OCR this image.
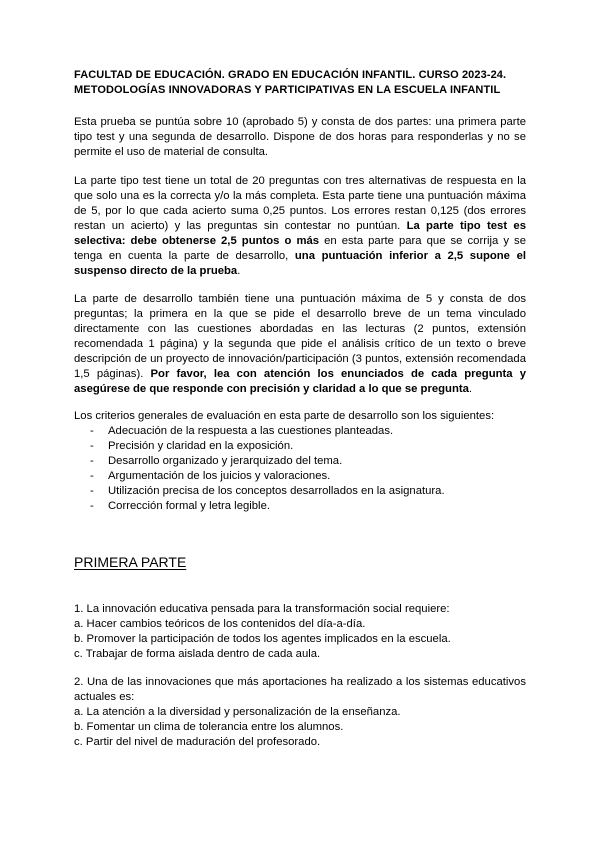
FACULTAD DE EDUCACIÓN. GRADO EN EDUCACIÓN INFANTIL. CURSO 2023-24.
METODOLOGÍAS INNOVADORAS Y PARTICIPATIVAS EN LA ESCUELA INFANTIL

Esta prueba se puntúa sobre 10 (aprobado 5) y consta de dos partes: una primera parte tipo test y una segunda de desarrollo. Dispone de dos horas para responderlas y no se permite el uso de material de consulta.

La parte tipo test tiene un total de 20 preguntas con tres alternativas de respuesta en la que solo una es la correcta y/o la más completa. Esta parte tiene una puntuación máxima de 5, por lo que cada acierto suma 0,25 puntos. Los errores restan 0,125 (dos errores restan un acierto) y las preguntas sin contestar no puntúan. La parte tipo test es selectiva: debe obtenerse 2,5 puntos o más en esta parte para que se corrija y se tenga en cuenta la parte de desarrollo, una puntuación inferior a 2,5 supone el suspenso directo de la prueba.

La parte de desarrollo también tiene una puntuación máxima de 5 y consta de dos preguntas; la primera en la que se pide el desarrollo breve de un tema vinculado directamente con las cuestiones abordadas en las lecturas (2 puntos, extensión recomendada 1 página) y la segunda que pide el análisis crítico de un texto o breve descripción de un proyecto de innovación/participación (3 puntos, extensión recomendada 1,5 páginas). Por favor, lea con atención los enunciados de cada pregunta y asegúrese de que responde con precisión y claridad a lo que se pregunta.

Los criterios generales de evaluación en esta parte de desarrollo son los siguientes:
- Adecuación de la respuesta a las cuestiones planteadas.
- Precisión y claridad en la exposición.
- Desarrollo organizado y jerarquizado del tema.
- Argumentación de los juicios y valoraciones.
- Utilización precisa de los conceptos desarrollados en la asignatura.
- Corrección formal y letra legible.
PRIMERA PARTE

1. La innovación educativa pensada para la transformación social requiere:

a. Hacer cambios teóricos de los contenidos del día-a-día.

b. Promover la participación de todos los agentes implicados en la escuela.

c. Trabajar de forma aislada dentro de cada aula.

2. Una de las innovaciones que más aportaciones ha realizado a los sistemas educativos actuales es:

a. La atención a la diversidad y personalización de la enseñanza.

b. Fomentar un clima de tolerancia entre los alumnos.

c. Partir del nivel de maduración del profesorado.
